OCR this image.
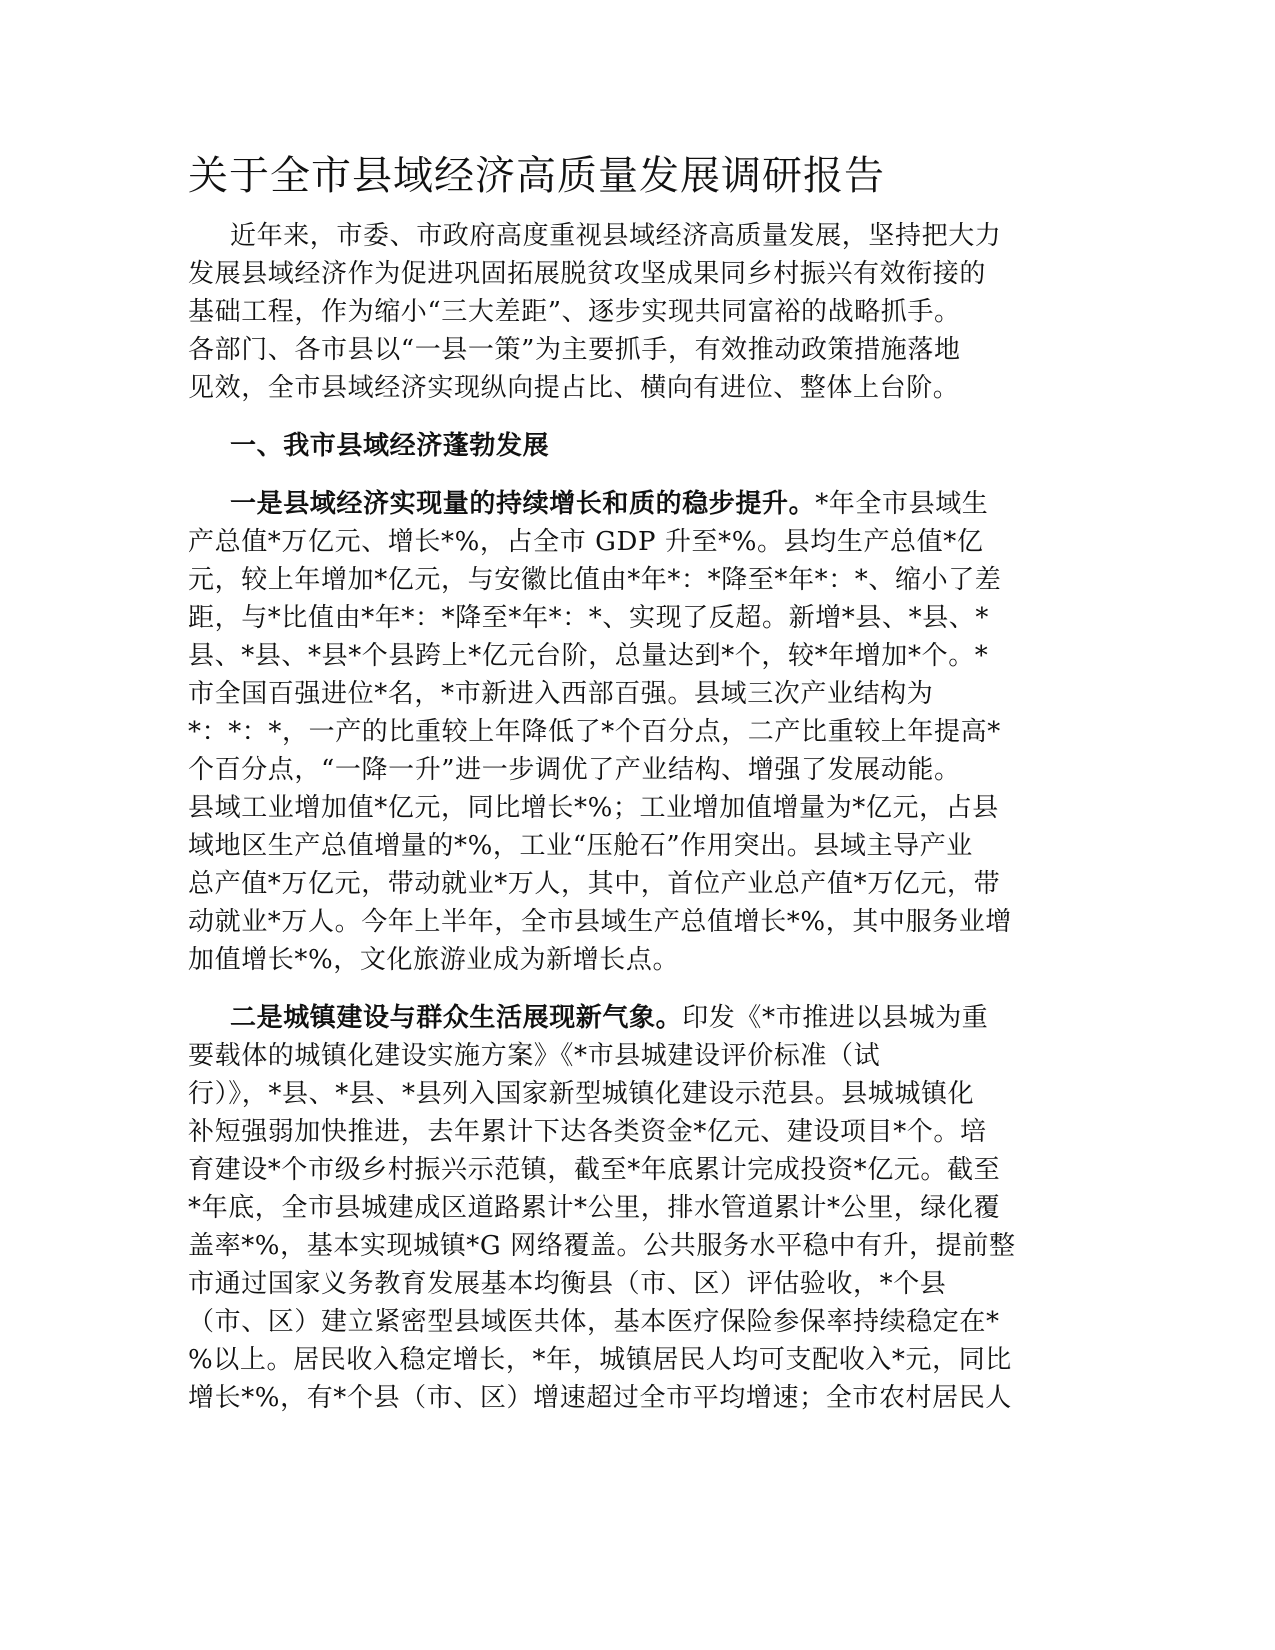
关于全市县域经济高质量发展调研报告
近年来，市委、市政府高度重视县域经济高质量发展，坚持把大力
发展县域经济作为促进巩固拓展脱贫攻坚成果同乡村振兴有效衔接的
基础工程，作为缩小“三大差距”、逐步实现共同富裕的战略抓手。
各部门、各市县以“一县一策”为主要抓手，有效推动政策措施落地
见效，全市县域经济实现纵向提占比、横向有进位、整体上台阶。
一、我市县域经济蓬勃发展
一是县域经济实现量的持续增长和质的稳步提升。*年全市县域生
产总值*万亿元、增长*%，占全市 GDP 升至*%。县均生产总值*亿
元，较上年增加*亿元，与安徽比值由*年*：*降至*年*：*、缩小了差
距，与*比值由*年*：*降至*年*：*、实现了反超。新增*县、*县、*
县、*县、*县*个县跨上*亿元台阶，总量达到*个，较*年增加*个。*
市全国百强进位*名，*市新进入西部百强。县域三次产业结构为
*：*：*，一产的比重较上年降低了*个百分点，二产比重较上年提高*
个百分点，“一降一升”进一步调优了产业结构、增强了发展动能。
县域工业增加值*亿元，同比增长*%；工业增加值增量为*亿元，占县
域地区生产总值增量的*%，工业“压舱石”作用突出。县域主导产业
总产值*万亿元，带动就业*万人，其中，首位产业总产值*万亿元，带
动就业*万人。今年上半年，全市县域生产总值增长*%，其中服务业增
加值增长*%，文化旅游业成为新增长点。
二是城镇建设与群众生活展现新气象。印发《*市推进以县城为重
要载体的城镇化建设实施方案》《*市县城建设评价标准（试
行）》，*县、*县、*县列入国家新型城镇化建设示范县。县城城镇化
补短强弱加快推进，去年累计下达各类资金*亿元、建设项目*个。培
育建设*个市级乡村振兴示范镇，截至*年底累计完成投资*亿元。截至
*年底，全市县城建成区道路累计*公里，排水管道累计*公里，绿化覆
盖率*%，基本实现城镇*G 网络覆盖。公共服务水平稳中有升，提前整
市通过国家义务教育发展基本均衡县（市、区）评估验收，*个县
（市、区）建立紧密型县域医共体，基本医疗保险参保率持续稳定在*
%以上。居民收入稳定增长，*年，城镇居民人均可支配收入*元，同比
增长*%，有*个县（市、区）增速超过全市平均增速；全市农村居民人
